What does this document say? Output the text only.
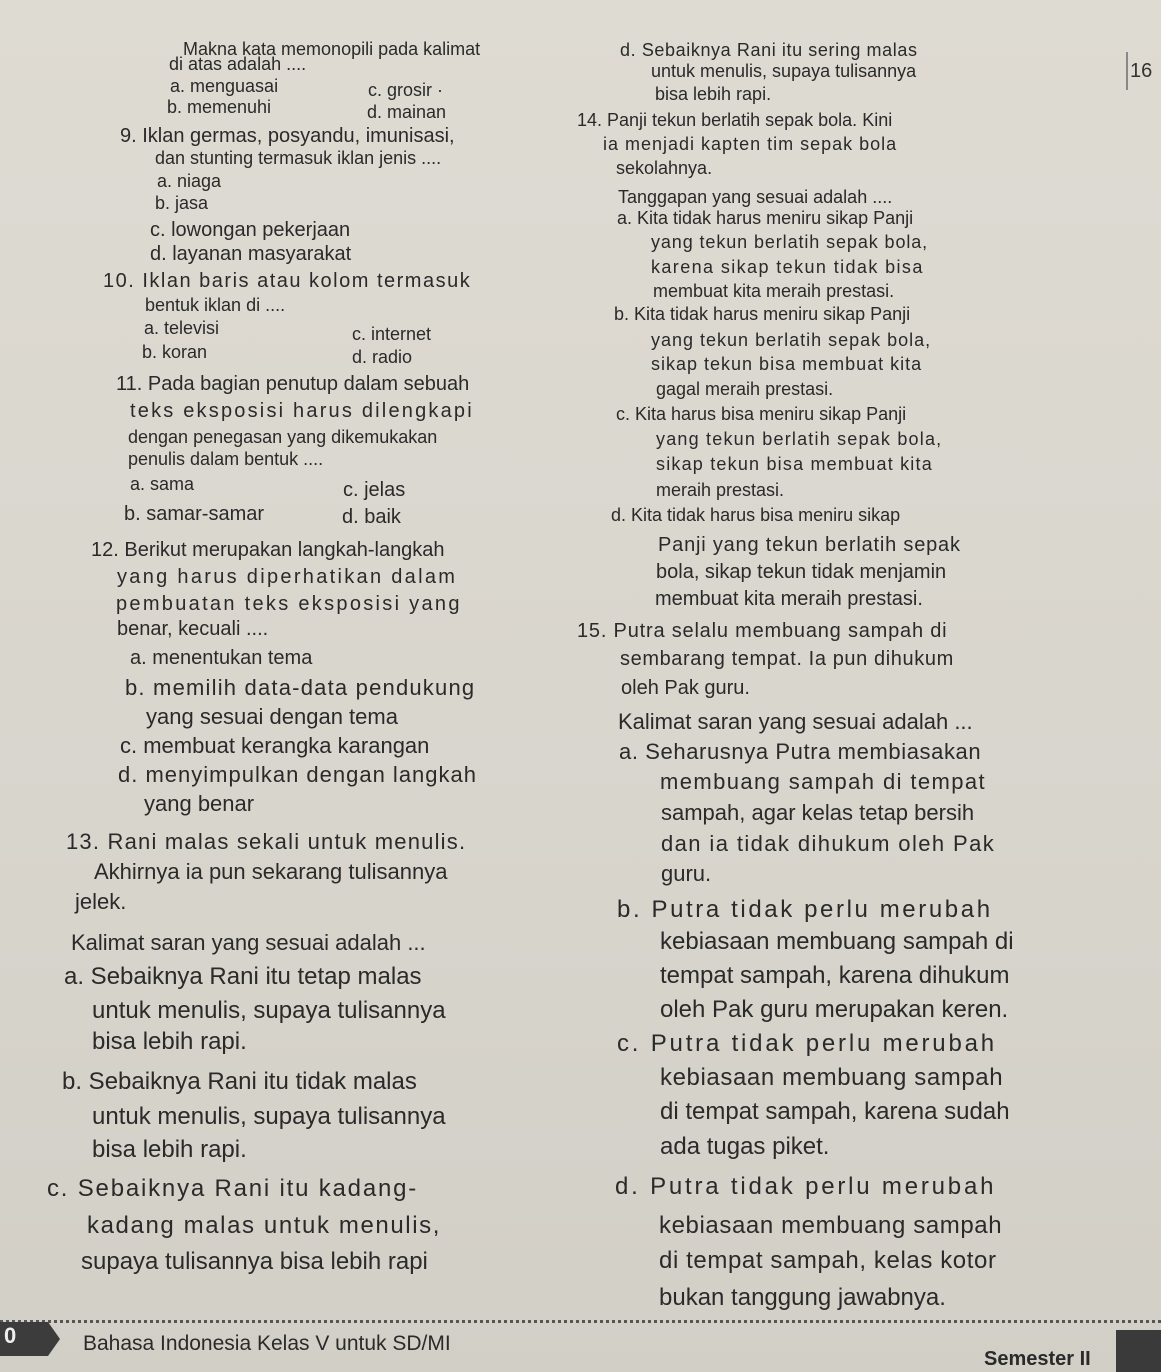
16
Makna kata memonopili pada kalimat
di atas adalah ....
a. menguasai	c. grosir ·
b. memenuhi	d. mainan
9. Iklan germas, posyandu, imunisasi,
dan stunting termasuk iklan jenis ....
a. niaga
b. jasa
c. lowongan pekerjaan
d. layanan masyarakat
10. Iklan baris atau kolom termasuk
bentuk iklan di ....
a. televisi	c. internet
b. koran	d. radio
11. Pada bagian penutup dalam sebuah
teks eksposisi harus dilengkapi
dengan penegasan yang dikemukakan
penulis dalam bentuk ....
a. sama	c. jelas
b. samar-samar	d. baik
12. Berikut merupakan langkah-langkah
yang harus diperhatikan dalam
pembuatan teks eksposisi yang
benar, kecuali ....
a. menentukan tema
b. memilih data-data pendukung
yang sesuai dengan tema
c. membuat kerangka karangan
d. menyimpulkan dengan langkah
yang benar
13. Rani malas sekali untuk menulis.
Akhirnya ia pun sekarang tulisannya
jelek.
Kalimat saran yang sesuai adalah ...
a. Sebaiknya Rani itu tetap malas
untuk menulis, supaya tulisannya
bisa lebih rapi.
b. Sebaiknya Rani itu tidak malas
untuk menulis, supaya tulisannya
bisa lebih rapi.
c. Sebaiknya Rani itu kadang-
kadang malas untuk menulis,
supaya tulisannya bisa lebih rapi
d. Sebaiknya Rani itu sering malas
untuk menulis, supaya tulisannya
bisa lebih rapi.
14. Panji tekun berlatih sepak bola. Kini
ia menjadi kapten tim sepak bola
sekolahnya.
Tanggapan yang sesuai adalah ....
a. Kita tidak harus meniru sikap Panji
yang tekun berlatih sepak bola,
karena sikap tekun tidak bisa
membuat kita meraih prestasi.
b. Kita tidak harus meniru sikap Panji
yang tekun berlatih sepak bola,
sikap tekun bisa membuat kita
gagal meraih prestasi.
c. Kita harus bisa meniru sikap Panji
yang tekun berlatih sepak bola,
sikap tekun bisa membuat kita
meraih prestasi.
d. Kita tidak harus bisa meniru sikap
Panji yang tekun berlatih sepak
bola, sikap tekun tidak menjamin
membuat kita meraih prestasi.
15. Putra selalu membuang sampah di
sembarang tempat. Ia pun dihukum
oleh Pak guru.
Kalimat saran yang sesuai adalah ...
a. Seharusnya Putra membiasakan
membuang sampah di tempat
sampah, agar kelas tetap bersih
dan ia tidak dihukum oleh Pak
guru.
b. Putra tidak perlu merubah
kebiasaan membuang sampah di
tempat sampah, karena dihukum
oleh Pak guru merupakan keren.
c. Putra tidak perlu merubah
kebiasaan membuang sampah
di tempat sampah, karena sudah
ada tugas piket.
d. Putra tidak perlu merubah
kebiasaan membuang sampah
di tempat sampah, kelas kotor
bukan tanggung jawabnya.
0	Bahasa Indonesia Kelas V untuk SD/MI
Semester II
